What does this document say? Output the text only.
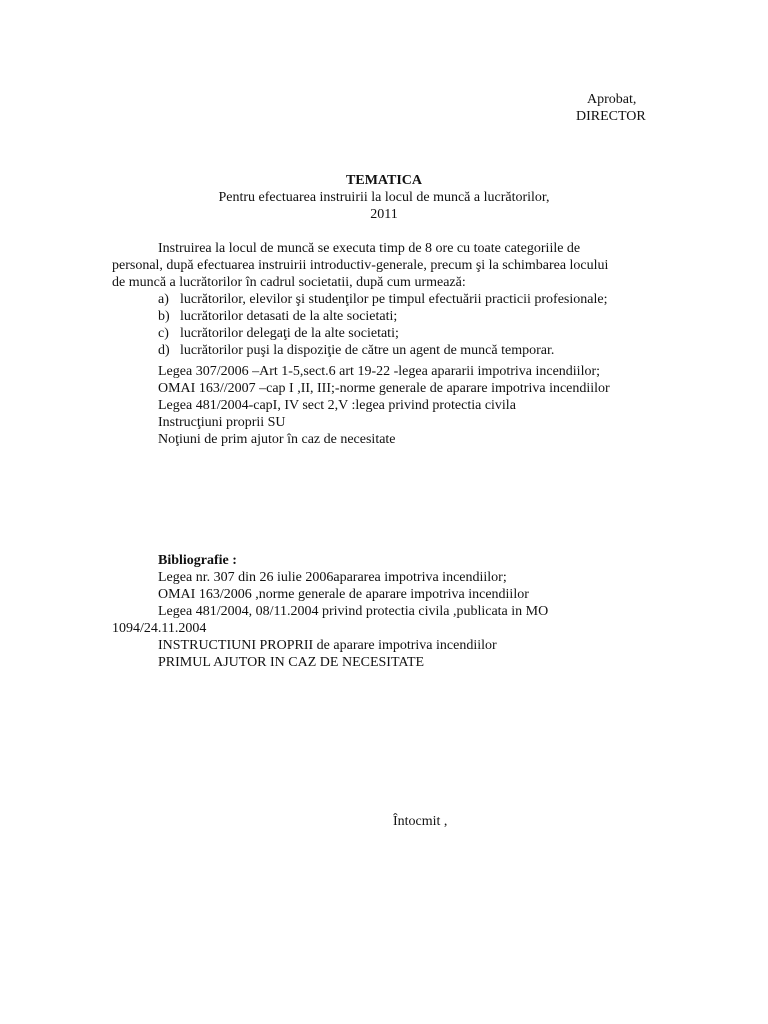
Aprobat,
DIRECTOR
TEMATICA
Pentru efectuarea instruirii la locul de muncă a lucrătorilor,
2011
Instruirea la locul de muncă se executa timp de 8 ore cu toate categoriile de
personal, după efectuarea instruirii introductiv-generale, precum şi la schimbarea locului
de muncă a lucrătorilor în cadrul societatii, după cum urmează:
a) lucrătorilor, elevilor şi studenţilor pe timpul efectuării practicii profesionale;
b) lucrătorilor detasati de la alte societati;
c) lucrătorilor delegaţi de la alte societati;
d) lucrătorilor puşi la dispoziţie de către un agent de muncă temporar.
Legea 307/2006 –Art 1-5,sect.6 art 19-22 -legea apararii impotriva incendiilor;
OMAI 163//2007 –cap I ,II, III;-norme generale de aparare impotriva incendiilor
Legea 481/2004-capI, IV sect 2,V :legea privind protectia civila
Instrucţiuni proprii SU
Noţiuni de prim ajutor în caz de necesitate
Bibliografie :
Legea nr. 307 din 26 iulie 2006apararea impotriva incendiilor;
OMAI 163/2006 ,norme generale de aparare impotriva incendiilor
Legea 481/2004, 08/11.2004 privind protectia civila ,publicata in MO
1094/24.11.2004
INSTRUCTIUNI PROPRII de aparare impotriva incendiilor
PRIMUL AJUTOR IN CAZ DE NECESITATE
Întocmit ,
